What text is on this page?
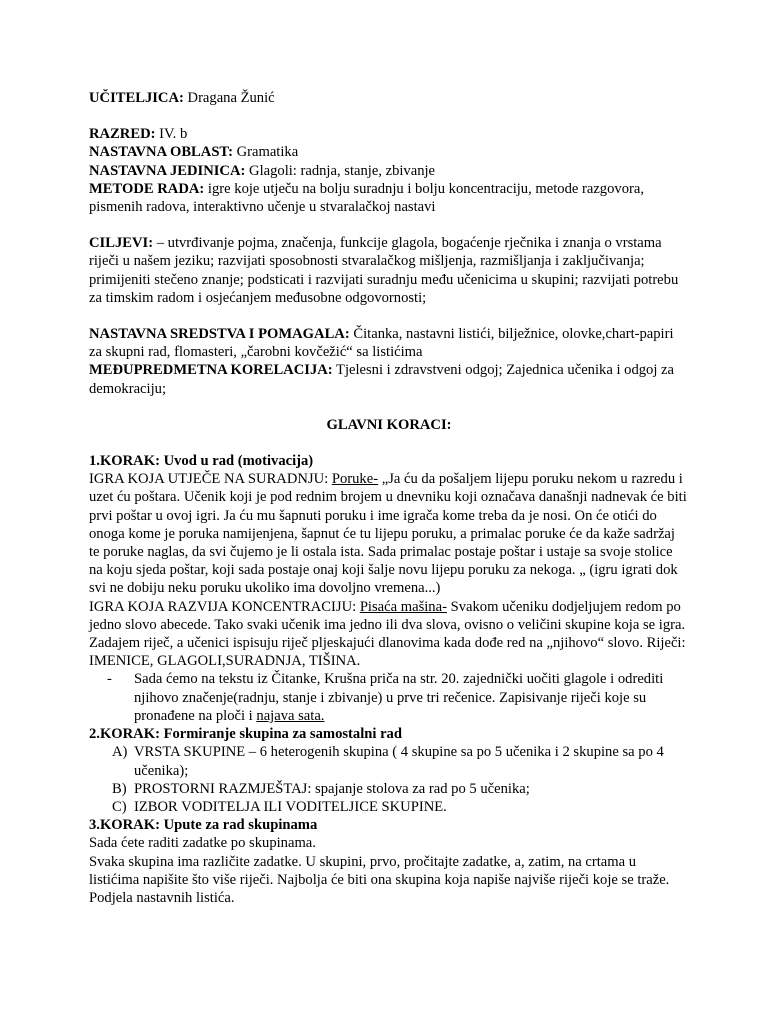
UČITELJICA: Dragana Žunić

RAZRED: IV. b

NASTAVNA OBLAST: Gramatika

NASTAVNA JEDINICA: Glagoli: radnja, stanje, zbivanje

METODE RADA: igre koje utječu na bolju suradnju i bolju koncentraciju, metode razgovora, pismenih radova, interaktivno učenje u stvaralačkoj nastavi

CILJEVI: – utvrđivanje pojma, značenja, funkcije glagola, bogaćenje rječnika i znanja o vrstama riječi u našem jeziku; razvijati sposobnosti stvaralačkog mišljenja, razmišljanja i zaključivanja; primijeniti stečeno znanje; podsticati i razvijati suradnju među učenicima u skupini; razvijati potrebu za timskim radom i osjećanjem međusobne odgovornosti;

NASTAVNA SREDSTVA I POMAGALA: Čitanka, nastavni listići, bilježnice, olovke,chart-papiri za skupni rad, flomasteri, „čarobni kovčežić“ sa listićima

MEĐUPREDMETNA KORELACIJA: Tjelesni i zdravstveni odgoj; Zajednica učenika i odgoj za demokraciju;

GLAVNI KORACI:

1.KORAK: Uvod u rad (motivacija)

IGRA KOJA UTJEČE NA SURADNJU: Poruke- „Ja ću da pošaljem lijepu poruku nekom u razredu i uzet ću poštara. Učenik koji je pod rednim brojem u dnevniku koji označava današnji nadnevak će biti prvi poštar u ovoj igri. Ja ću mu šapnuti poruku i ime igrača kome treba da je nosi. On će otići do onoga kome je poruka namijenjena, šapnut će tu lijepu poruku, a primalac poruke će da kaže sadržaj te poruke naglas, da svi čujemo je li ostala ista. Sada primalac postaje poštar i ustaje sa svoje stolice na koju sjeda poštar, koji sada postaje onaj koji šalje novu lijepu poruku za nekoga. „ (igru igrati dok svi ne dobiju neku poruku ukoliko ima dovoljno vremena...)

IGRA KOJA RAZVIJA KONCENTRACIJU: Pisaća mašina- Svakom učeniku dodjeljujem redom po jedno slovo abecede. Tako svaki učenik ima jedno ili dva slova, ovisno o veličini skupine koja se igra. Zadajem riječ, a učenici ispisuju riječ pljeskajući dlanovima kada dođe red na „njihovo“ slovo. Riječi: IMENICE, GLAGOLI,SURADNJA, TIŠINA.

- Sada ćemo na tekstu iz Čitanke, Krušna priča na str. 20. zajednički uočiti glagole i odrediti njihovo značenje(radnju, stanje i zbivanje) u prve tri rečenice. Zapisivanje riječi koje su pronađene na ploči i najava sata.

2.KORAK: Formiranje skupina za samostalni rad

A) VRSTA SKUPINE – 6 heterogenih skupina ( 4 skupine sa po 5 učenika i 2 skupine sa po 4 učenika);
B) PROSTORNI RAZMJEŠTAJ: spajanje stolova za rad po 5 učenika;
C) IZBOR VODITELJA ILI VODITELJICE SKUPINE.

3.KORAK: Upute za rad skupinama

Sada ćete raditi zadatke po skupinama.

Svaka skupina ima različite zadatke. U skupini, prvo, pročitajte zadatke, a, zatim, na crtama u listićima napišite što više riječi. Najbolja će biti ona skupina koja napiše najviše riječi koje se traže.

Podjela nastavnih listića.
